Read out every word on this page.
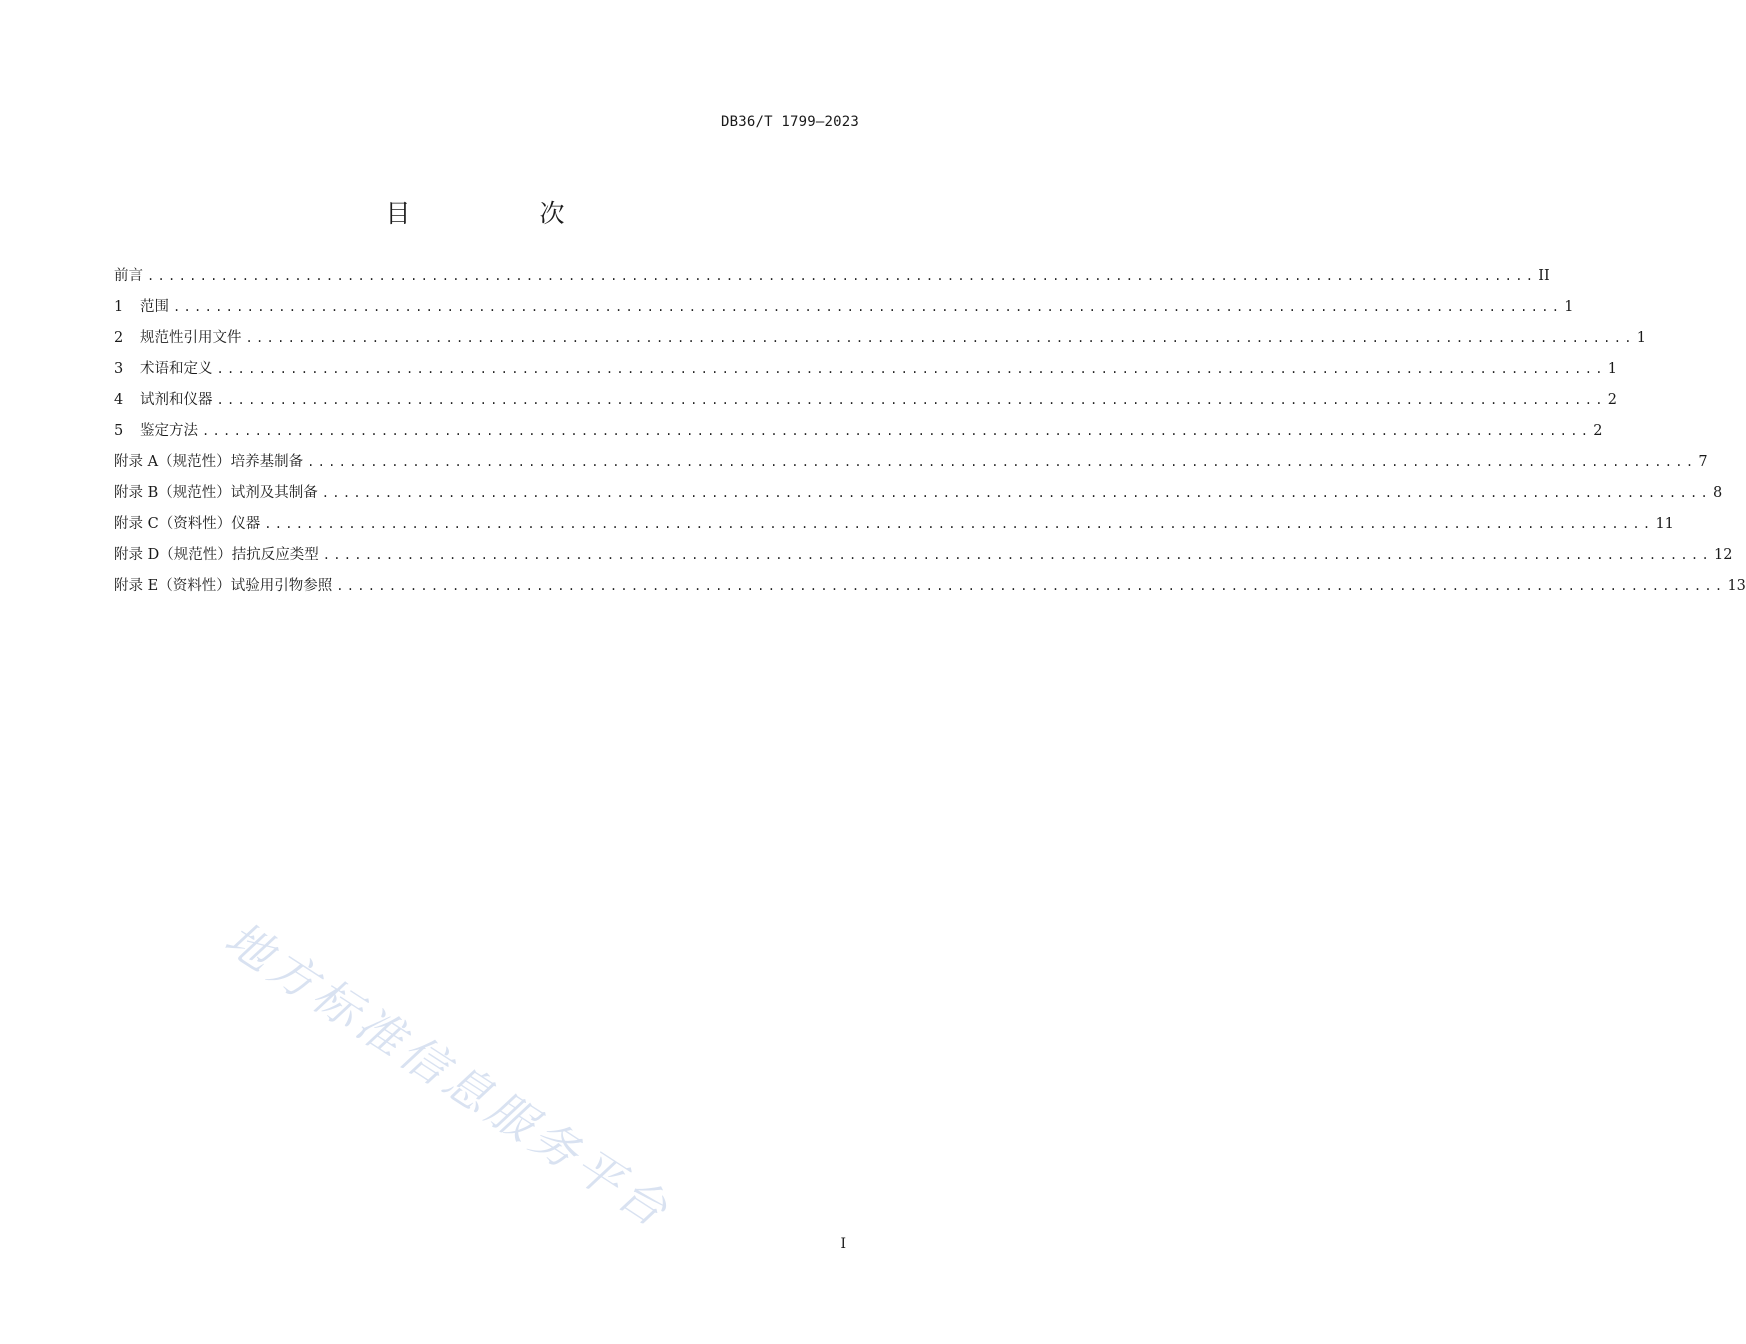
DB36/T 1799—2023
目　次
前言 .................................................................................................................................... II
1 范围 .................................................................................................................................... 1
2 规范性引用文件 .................................................................................................................................... 1
3 术语和定义 .................................................................................................................................... 1
4 试剂和仪器 .................................................................................................................................... 2
5 鉴定方法 .................................................................................................................................... 2
附录 A（规范性）培养基制备 .................................................................................................................................... 7
附录 B（规范性）试剂及其制备 .................................................................................................................................... 8
附录 C（资料性）仪器 .................................................................................................................................... 11
附录 D（规范性）拮抗反应类型 .................................................................................................................................... 12
附录 E（资料性）试验用引物参照 .................................................................................................................................... 13
地方标准信息服务平台
I
